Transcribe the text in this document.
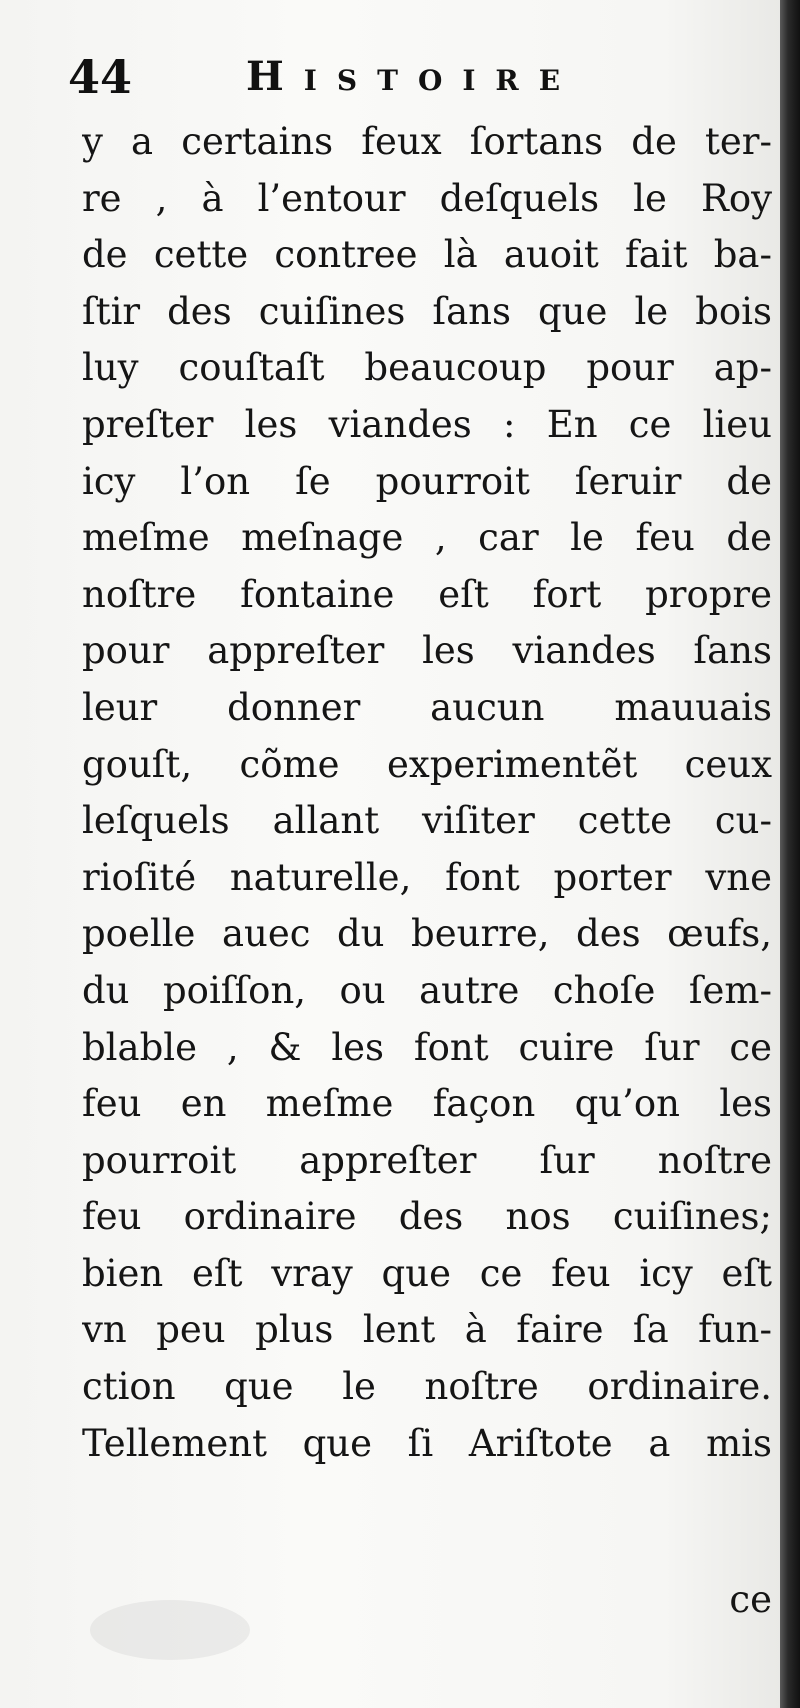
44	Histoire
y a certains feux ſortans de ter-
re , à l’entour deſquels le Roy
de cette contree là auoit fait ba-
ſtir des cuiſines ſans que le bois
luy couſtaſt beaucoup pour ap-
preſter les viandes : En ce lieu
icy l’on ſe pourroit ſeruir de
meſme meſnage , car le feu de
noſtre fontaine eſt fort propre
pour appreſter les viandes ſans
leur donner aucun mauuais
gouſt, cõme experimentẽt ceux
leſquels allant viſiter cette cu-
rioſité naturelle, font porter vne
poelle auec du beurre, des œufs,
du poiſſon, ou autre choſe ſem-
blable , & les font cuire ſur ce
feu en meſme façon qu’on les
pourroit appreſter ſur noſtre
feu ordinaire des nos cuiſines;
bien eſt vray que ce feu icy eſt
vn peu plus lent à faire ſa fun-
ction que le noſtre ordinaire.
Tellement que ſi Ariſtote a mis
ce
